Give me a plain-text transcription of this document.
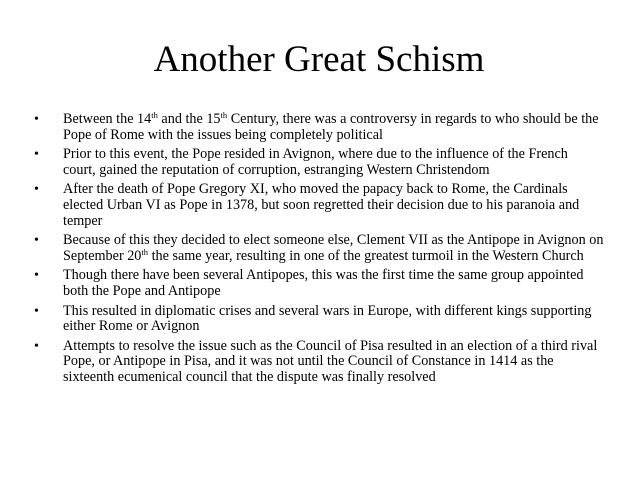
Another Great Schism
• Between the 14th and the 15th Century, there was a controversy in regards to who should be the Pope of Rome with the issues being completely political
• Prior to this event, the Pope resided in Avignon, where due to the influence of the French court, gained the reputation of corruption, estranging Western Christendom
• After the death of Pope Gregory XI, who moved the papacy back to Rome, the Cardinals elected Urban VI as Pope in 1378, but soon regretted their decision due to his paranoia and temper
• Because of this they decided to elect someone else, Clement VII as the Antipope in Avignon on September 20th the same year, resulting in one of the greatest turmoil in the Western Church
• Though there have been several Antipopes, this was the first time the same group appointed both the Pope and Antipope
• This resulted in diplomatic crises and several wars in Europe, with different kings supporting either Rome or Avignon
• Attempts to resolve the issue such as the Council of Pisa resulted in an election of a third rival Pope, or Antipope in Pisa, and it was not until the Council of Constance in 1414 as the sixteenth ecumenical council that the dispute was finally resolved
